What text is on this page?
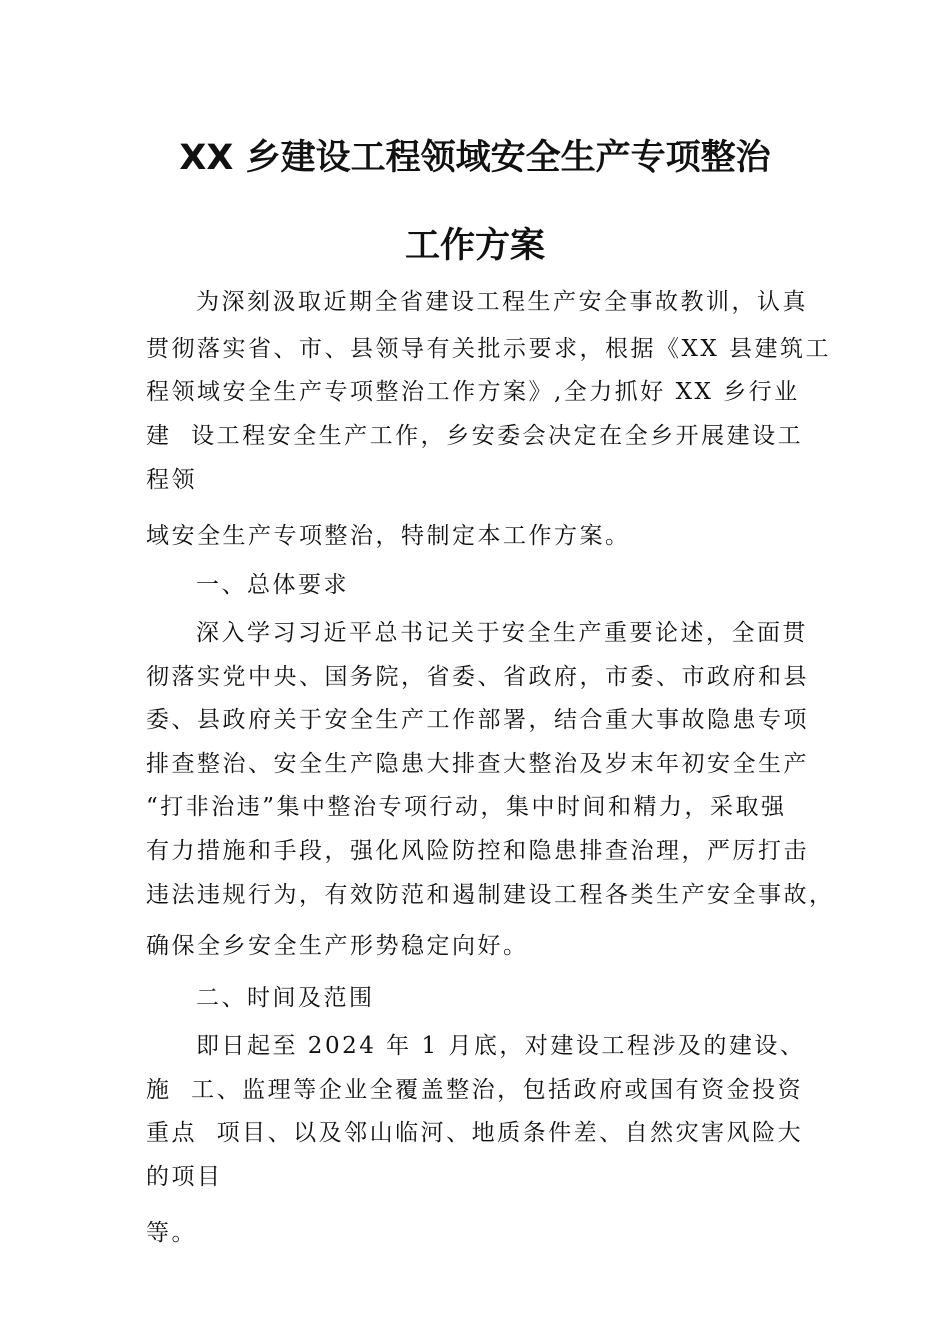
XX 乡建设工程领域安全生产专项整治
工作方案
为深刻汲取近期全省建设工程生产安全事故教训，认真
贯彻落实省、市、县领导有关批示要求，根据《XX 县建筑工
程领域安全生产专项整治工作方案》,全力抓好 XX 乡行业
建  设工程安全生产工作，乡安委会决定在全乡开展建设工
程领
域安全生产专项整治，特制定本工作方案。
一、总体要求
深入学习习近平总书记关于安全生产重要论述，全面贯
彻落实党中央、国务院，省委、省政府，市委、市政府和县
委、县政府关于安全生产工作部署，结合重大事故隐患专项
排查整治、安全生产隐患大排查大整治及岁末年初安全生产
“打非治违”集中整治专项行动，集中时间和精力，采取强
有力措施和手段，强化风险防控和隐患排查治理，严厉打击
违法违规行为，有效防范和遏制建设工程各类生产安全事故，
确保全乡安全生产形势稳定向好。
二、时间及范围
即日起至 2024 年 1 月底，对建设工程涉及的建设、
施  工、监理等企业全覆盖整治，包括政府或国有资金投资
重点  项目、以及邻山临河、地质条件差、自然灾害风险大
的项目
等。
